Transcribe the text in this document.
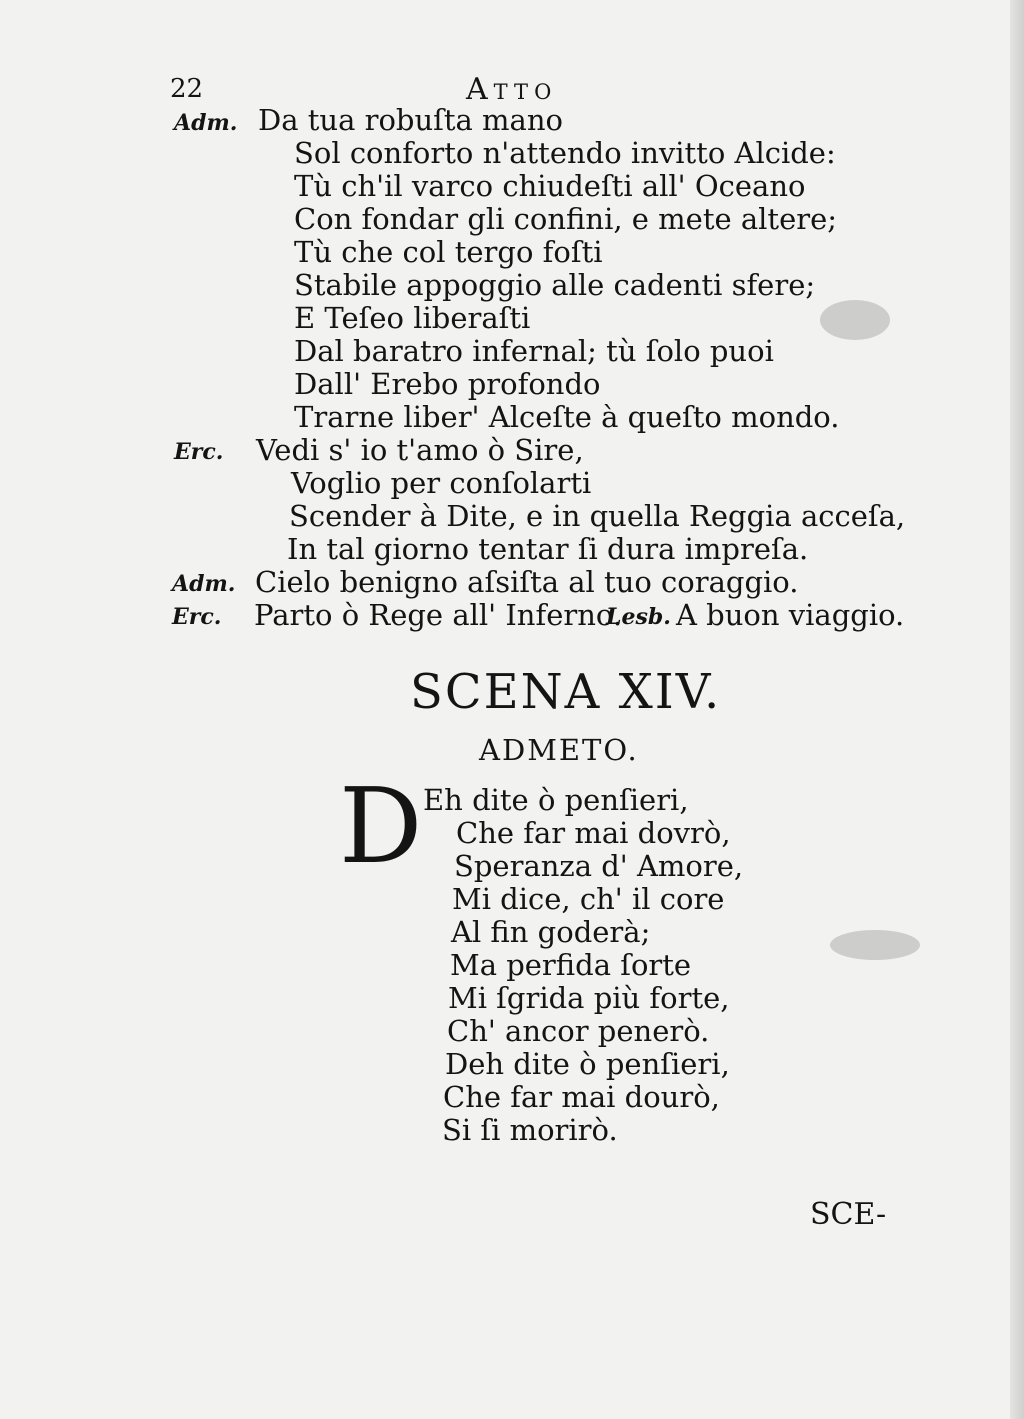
22	Atto
Adm. Da tua robuſta mano
Sol conforto n'attendo invitto Alcide:
Tù ch'il varco chiudeſti all' Oceano
Con fondar gli confini, e mete altere;
Tù che col tergo foſti
Stabile appoggio alle cadenti sfere;
E Teſeo liberaſti
Dal baratro infernal; tù ſolo puoi
Dall' Erebo profondo
Trarne liber' Alceſte à queſto mondo.
Erc. Vedi s' io t'amo ò Sire,
Voglio per conſolarti
Scender à Dite, e in quella Reggia acceſa,
In tal giorno tentar ſi dura impreſa.
Adm. Cielo benigno aſsiſta al tuo coraggio.
Erc. Parto ò Rege all' Inferno.
Lesb. A buon viaggio.
SCENA XIV.
ADMETO.
D Eh dite ò penſieri,
Che far mai dovrò,
Speranza d' Amore,
Mi dice, ch' il core
Al fin goderà;
Ma perfida ſorte
Mi ſgrida più forte,
Ch' ancor penerò.
Deh dite ò penſieri,
Che far mai dourò,
Si ſi morirò.
SCE-
